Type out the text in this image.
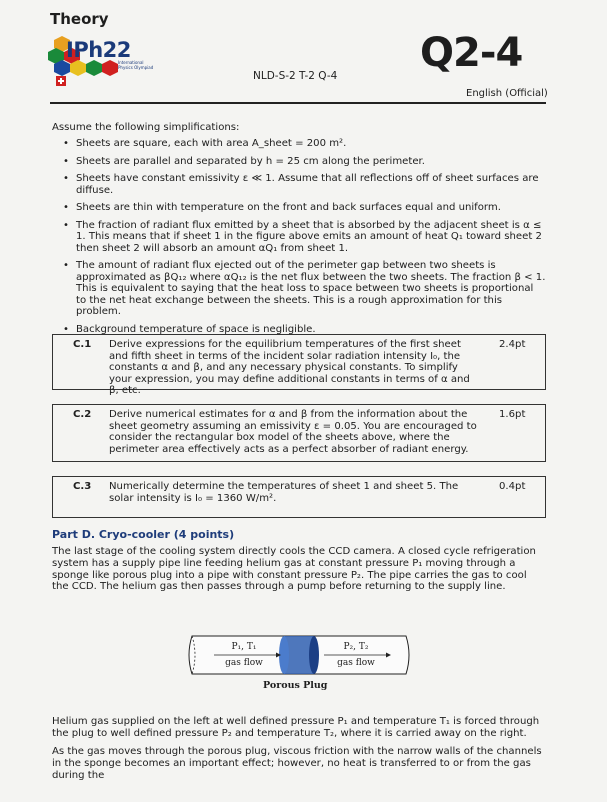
Theory
IPh22
International Physics Olympiad
NLD-S-2 T-2 Q-4 Q2-4
English (Official)
Assume the following simplifications:
• Sheets are square, each with area A_sheet = 200 m².
• Sheets are parallel and separated by h = 25 cm along the perimeter.
• Sheets have constant emissivity ε ≪ 1. Assume that all reflections off of sheet surfaces are diffuse.
• Sheets are thin with temperature on the front and back surfaces equal and uniform.
• The fraction of radiant flux emitted by a sheet that is absorbed by the adjacent sheet is α ≤ 1. This means that if sheet 1 in the figure above emits an amount of heat Q₁ toward sheet 2 then sheet 2 will absorb an amount αQ₁ from sheet 1.
• The amount of radiant flux ejected out of the perimeter gap between two sheets is approximated as βQ₁₂ where αQ₁₂ is the net flux between the two sheets. The fraction β < 1. This is equivalent to saying that the heat loss to space between two sheets is proportional to the net heat exchange between the sheets. This is a rough approximation for this problem.
• Background temperature of space is negligible.
C.1 Derive expressions for the equilibrium temperatures of the first sheet and fifth sheet in terms of the incident solar radiation intensity I₀, the constants α and β, and any necessary physical constants. To simplify your expression, you may define additional constants in terms of α and β, etc.
2.4pt
C.2 Derive numerical estimates for α and β from the information about the sheet geometry assuming an emissivity ε = 0.05. You are encouraged to consider the rectangular box model of the sheets above, where the perimeter area effectively acts as a perfect absorber of radiant energy.
1.6pt
C.3 Numerically determine the temperatures of sheet 1 and sheet 5. The solar intensity is I₀ = 1360 W/m².
0.4pt
Part D. Cryo-cooler (4 points)
The last stage of the cooling system directly cools the CCD camera. A closed cycle refrigeration system has a supply pipe line feeding helium gas at constant pressure P₁ moving through a sponge like porous plug into a pipe with constant pressure P₂. The pipe carries the gas to cool the CCD. The helium gas then passes through a pump before returning to the supply line.
P₁, T₁
gas flow
P₂, T₂
gas flow
Porous Plug
Helium gas supplied on the left at well defined pressure P₁ and temperature T₁ is forced through the plug to well defined pressure P₂ and temperature T₂, where it is carried away on the right.
As the gas moves through the porous plug, viscous friction with the narrow walls of the channels in the sponge becomes an important effect; however, no heat is transferred to or from the gas during the
